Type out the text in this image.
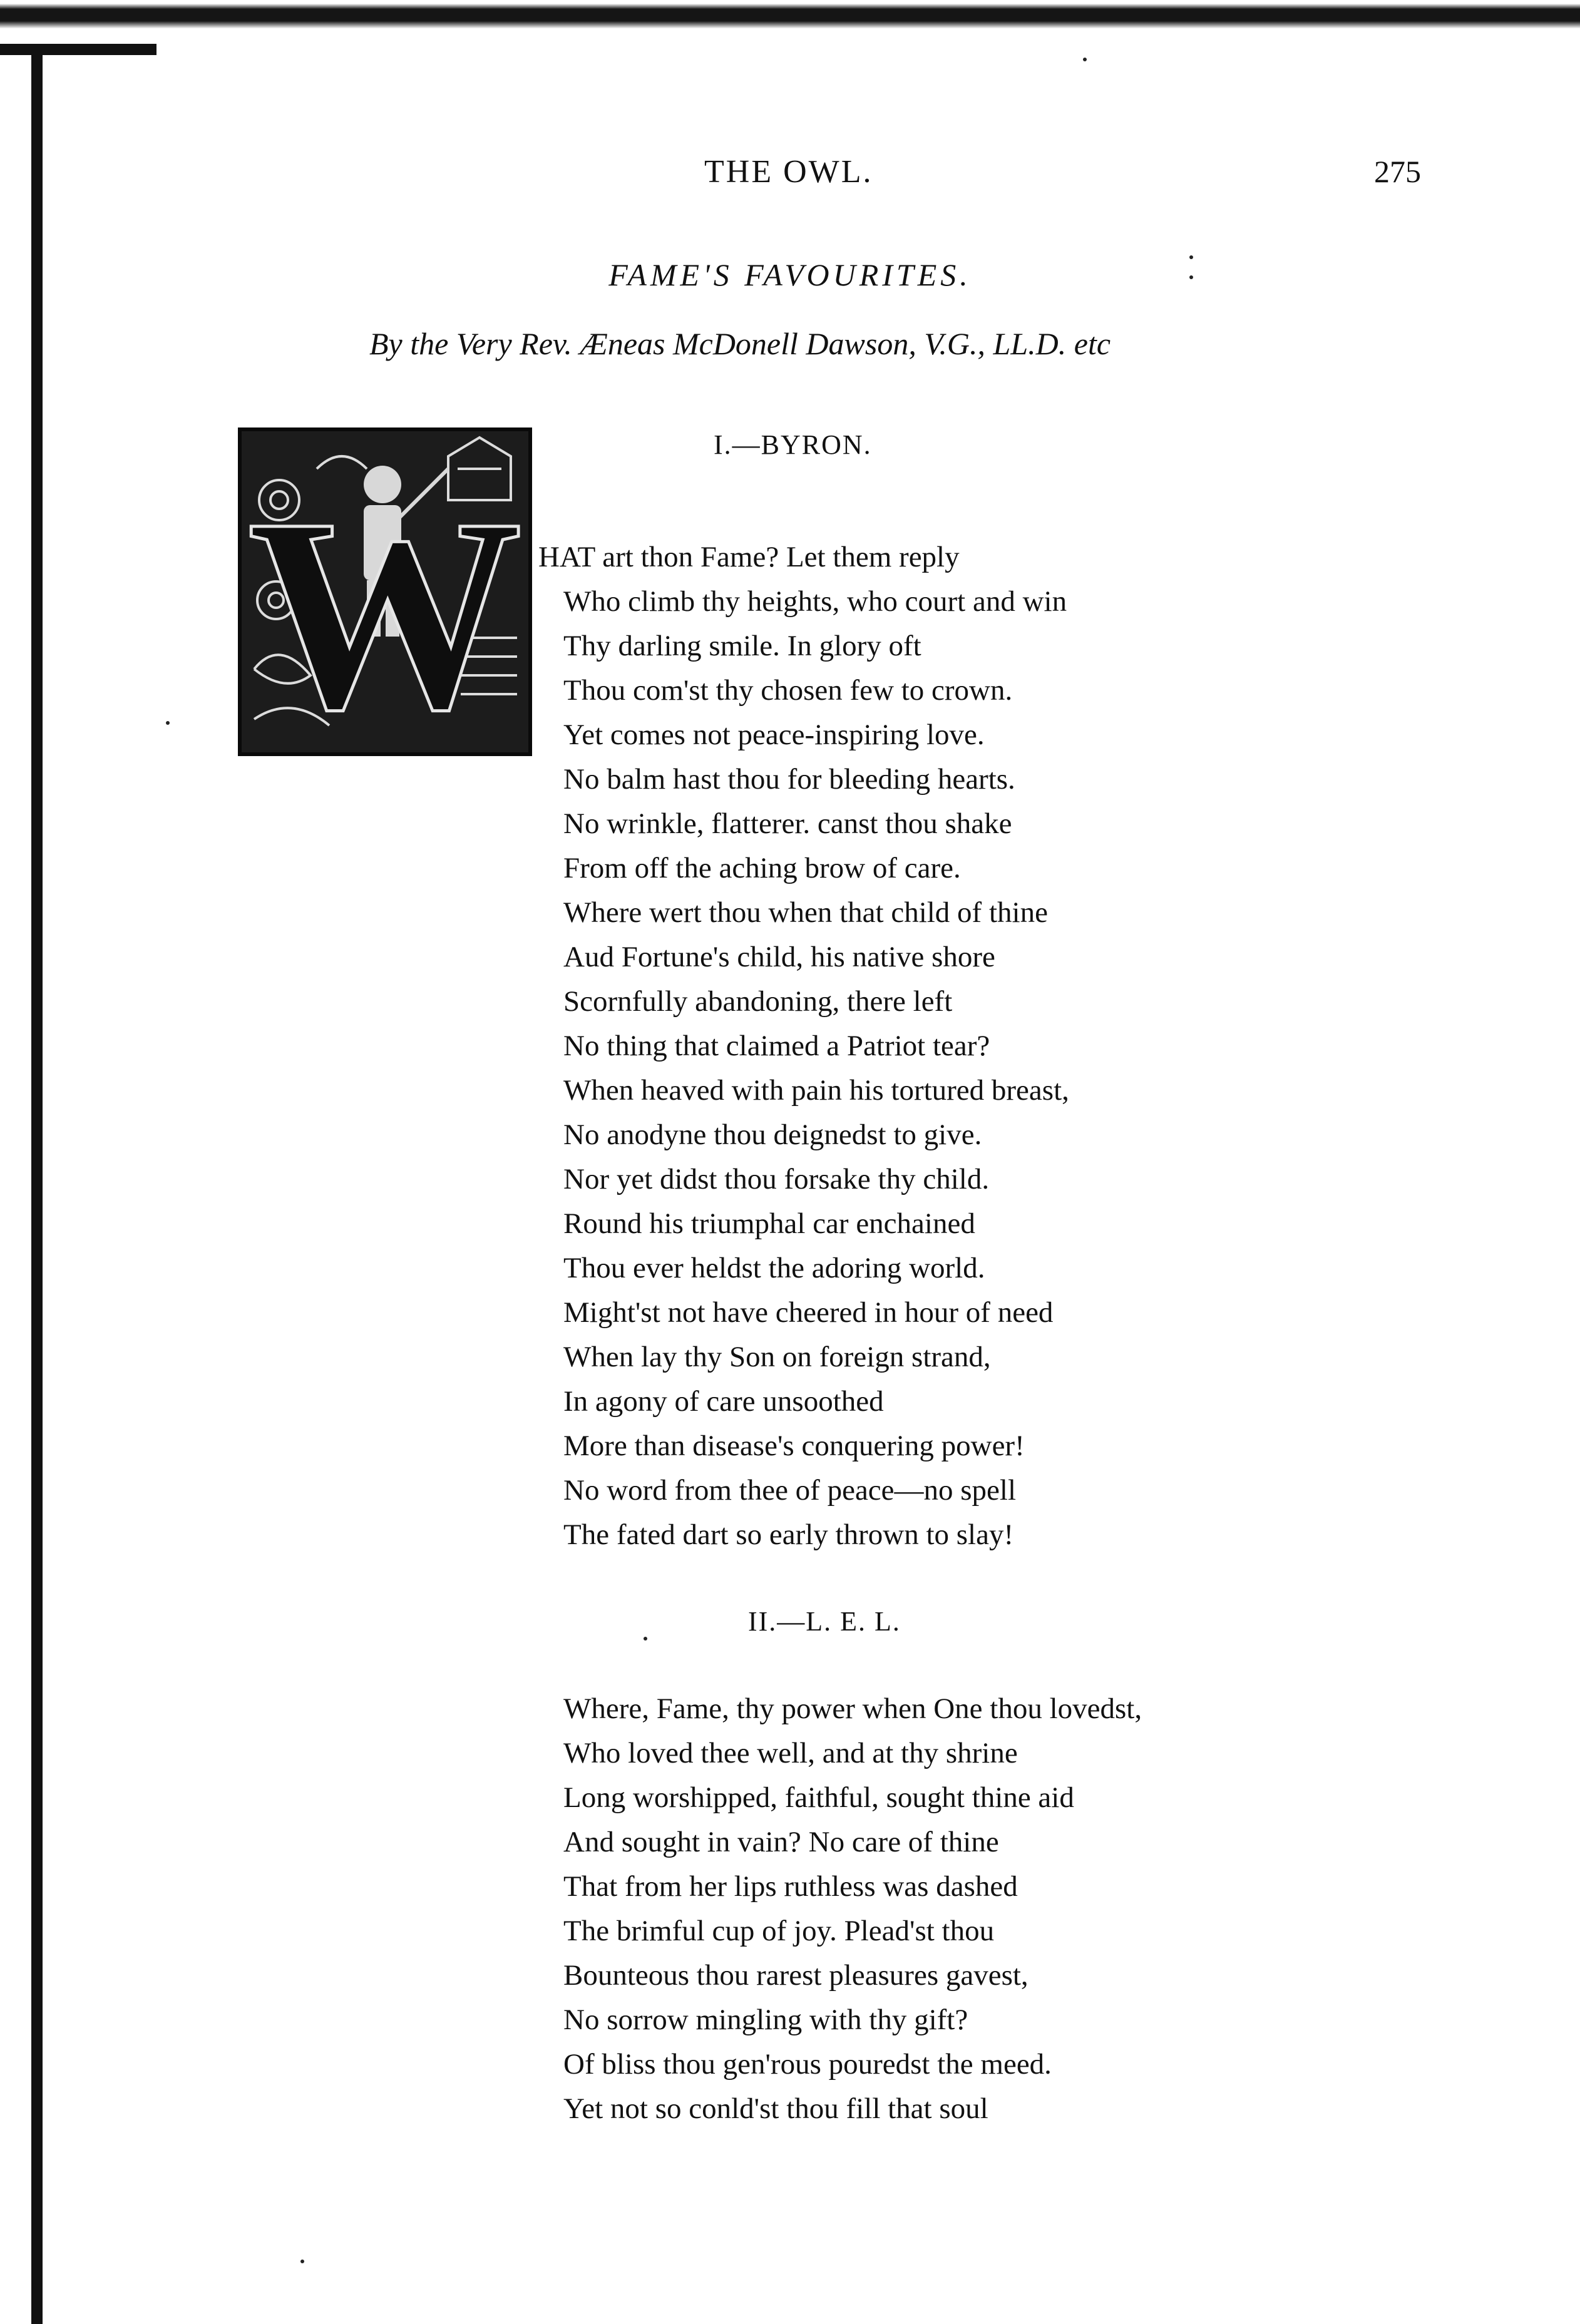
THE OWL.	275
FAME'S FAVOURITES.
By the Very Rev. Æneas McDonell Dawson, V.G., LL.D. etc
I.—BYRON.
W HAT art thon Fame? Let them reply
Who climb thy heights, who court and win
Thy darling smile. In glory oft
Thou com'st thy chosen few to crown.
Yet comes not peace-inspiring love.
No balm hast thou for bleeding hearts.
No wrinkle, flatterer. canst thou shake
From off the aching brow of care.
Where wert thou when that child of thine
Aud Fortune's child, his native shore
Scornfully abandoning, there left
No thing that claimed a Patriot tear?
When heaved with pain his tortured breast,
No anodyne thou deignedst to give.
Nor yet didst thou forsake thy child.
Round his triumphal car enchained
Thou ever heldst the adoring world.
Might'st not have cheered in hour of need
When lay thy Son on foreign strand,
In agony of care unsoothed
More than disease's conquering power!
No word from thee of peace—no spell
The fated dart so early thrown to slay!
II.—L. E. L.
Where, Fame, thy power when One thou lovedst,
Who loved thee well, and at thy shrine
Long worshipped, faithful, sought thine aid
And sought in vain? No care of thine
That from her lips ruthless was dashed
The brimful cup of joy. Plead'st thou
Bounteous thou rarest pleasures gavest,
No sorrow mingling with thy gift?
Of bliss thou gen'rous pouredst the meed.
Yet not so conld'st thou fill that soul
